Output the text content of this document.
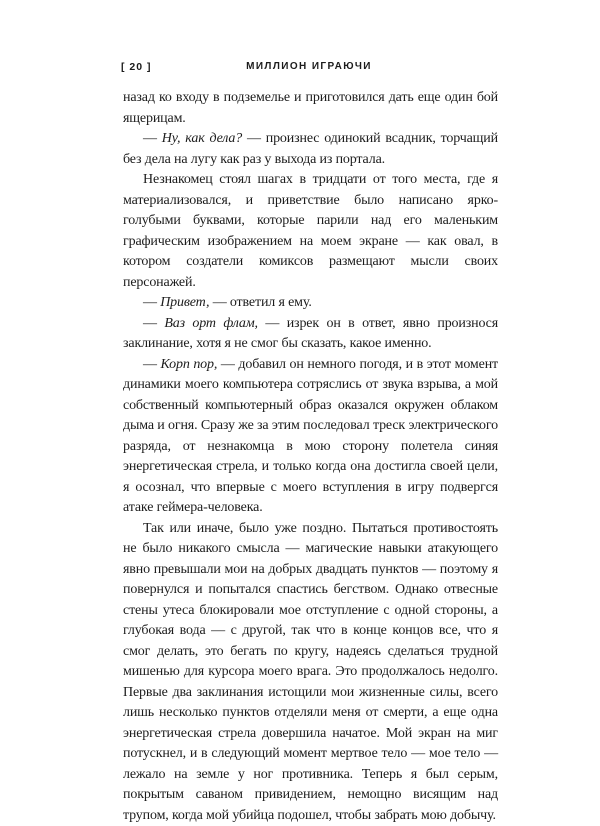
[ 20 ]	МИЛЛИОН ИГРАЮЧИ

назад ко входу в подземелье и приготовился дать еще один бой ящерицам.

— Ну, как дела? — произнес одинокий всадник, торчащий без дела на лугу как раз у выхода из портала.

Незнакомец стоял шагах в тридцати от того места, где я материализовался, и приветствие было написано ярко-голубыми буквами, которые парили над его маленьким графическим изображением на моем экране — как овал, в котором создатели комиксов размещают мысли своих персонажей.

— Привет, — ответил я ему.

— Ваз орт флам, — изрек он в ответ, явно произнося заклинание, хотя я не смог бы сказать, какое именно.

— Корп пор, — добавил он немного погодя, и в этот момент динамики моего компьютера сотряслись от звука взрыва, а мой собственный компьютерный образ оказался окружен облаком дыма и огня. Сразу же за этим последовал треск электрического разряда, от незнакомца в мою сторону полетела синяя энергетическая стрела, и только когда она достигла своей цели, я осознал, что впервые с моего вступления в игру подвергся атаке геймера-человека.

Так или иначе, было уже поздно. Пытаться противостоять не было никакого смысла — магические навыки атакующего явно превышали мои на добрых двадцать пунктов — поэтому я повернулся и попытался спастись бегством. Однако отвесные стены утеса блокировали мое отступление с одной стороны, а глубокая вода — с другой, так что в конце концов все, что я смог делать, это бегать по кругу, надеясь сделаться трудной мишенью для курсора моего врага. Это продолжалось недолго. Первые два заклинания истощили мои жизненные силы, всего лишь несколько пунктов отделяли меня от смерти, а еще одна энергетическая стрела довершила начатое. Мой экран на миг потускнел, и в следующий момент мертвое тело — мое тело — лежало на земле у ног противника. Теперь я был серым, покрытым саваном привидением, немощно висящим над трупом, когда мой убийца подошел, чтобы забрать мою добычу.
